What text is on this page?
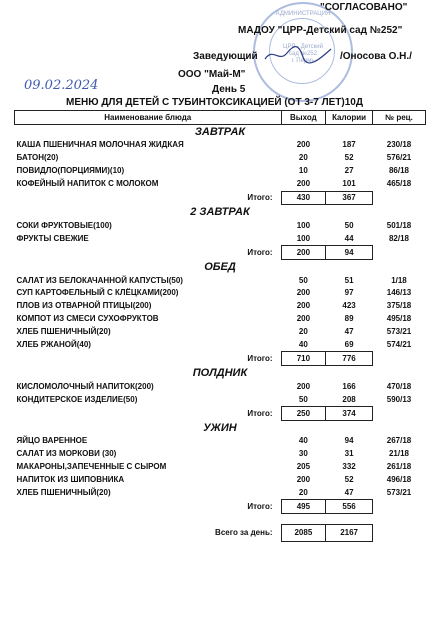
АДМИНИСТРАЦИЯ
ЦРР - Детский
сад №252
г. Пермь
"СОГЛАСОВАНО"
МАДОУ "ЦРР-Детский сад №252"
Заведующий	/Оносова О.Н./
09.02.2024
ООО "Май-М"
День 5
МЕНЮ ДЛЯ ДЕТЕЙ С ТУБИНТОКСИКАЦИЕЙ (ОТ 3-7 ЛЕТ)10Д
Наименование блюда	Выход	Калории	№ рец.
ЗАВТРАК			
КАША ПШЕНИЧНАЯ МОЛОЧНАЯ ЖИДКАЯ	200	187	230/18
БАТОН(20)	20	52	576/21
ПОВИДЛО(ПОРЦИЯМИ)(10)	10	27	86/18
КОФЕЙНЫЙ НАПИТОК С МОЛОКОМ	200	101	465/18
Итого:	430	367	
2 ЗАВТРАК			
СОКИ ФРУКТОВЫЕ(100)	100	50	501/18
ФРУКТЫ СВЕЖИЕ	100	44	82/18
Итого:	200	94	
ОБЕД			
САЛАТ ИЗ БЕЛОКАЧАННОЙ КАПУСТЫ(50)	50	51	1/18
СУП КАРТОФЕЛЬНЫЙ С КЛЁЦКАМИ(200)	200	97	146/13
ПЛОВ ИЗ ОТВАРНОЙ ПТИЦЫ(200)	200	423	375/18
КОМПОТ ИЗ СМЕСИ СУХОФРУКТОВ	200	89	495/18
ХЛЕБ ПШЕНИЧНЫЙ(20)	20	47	573/21
ХЛЕБ РЖАНОЙ(40)	40	69	574/21
Итого:	710	776	
ПОЛДНИК			
КИСЛОМОЛОЧНЫЙ НАПИТОК(200)	200	166	470/18
КОНДИТЕРСКОЕ ИЗДЕЛИЕ(50)	50	208	590/13
Итого:	250	374	
УЖИН			
ЯЙЦО ВАРЕННОЕ	40	94	267/18
САЛАТ ИЗ МОРКОВИ (30)	30	31	21/18
МАКАРОНЫ,ЗАПЕЧЕННЫЕ С СЫРОМ	205	332	261/18
НАПИТОК ИЗ ШИПОВНИКА	200	52	496/18
ХЛЕБ ПШЕНИЧНЫЙ(20)	20	47	573/21
Итого:	495	556	

Всего за день:	2085	2167	
